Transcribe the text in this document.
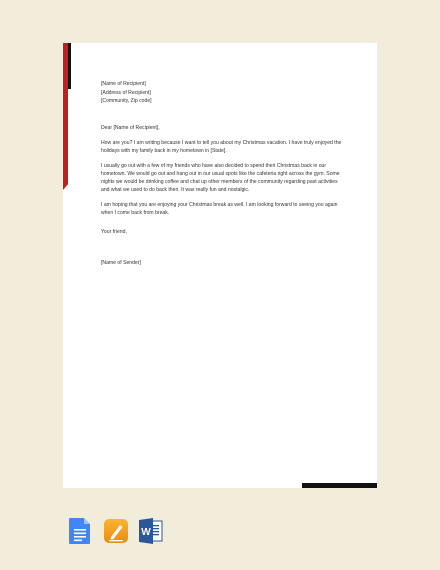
[Name of Recipient]

[Address of Recipient]

[Community, Zip code]

Dear [Name of Recipient],

How are you? I am writing because I want to tell you about my Christmas vacation. I have truly enjoyed the holidays with my family back in my hometown in [State].

I usually go out with a few of my friends who have also decided to spend their Christmas back in our hometown. We would go out and hang out in our usual spots like the cafeteria right across the gym. Some nights we would be drinking coffee and chat up other members of the community regarding past activities and what we used to do back then. It was really fun and nostalgic.

I am hoping that you are enjoying your Christmas break as well. I am looking forward to seeing you again when I come back from break.

Your friend,

[Name of Sender]

W
